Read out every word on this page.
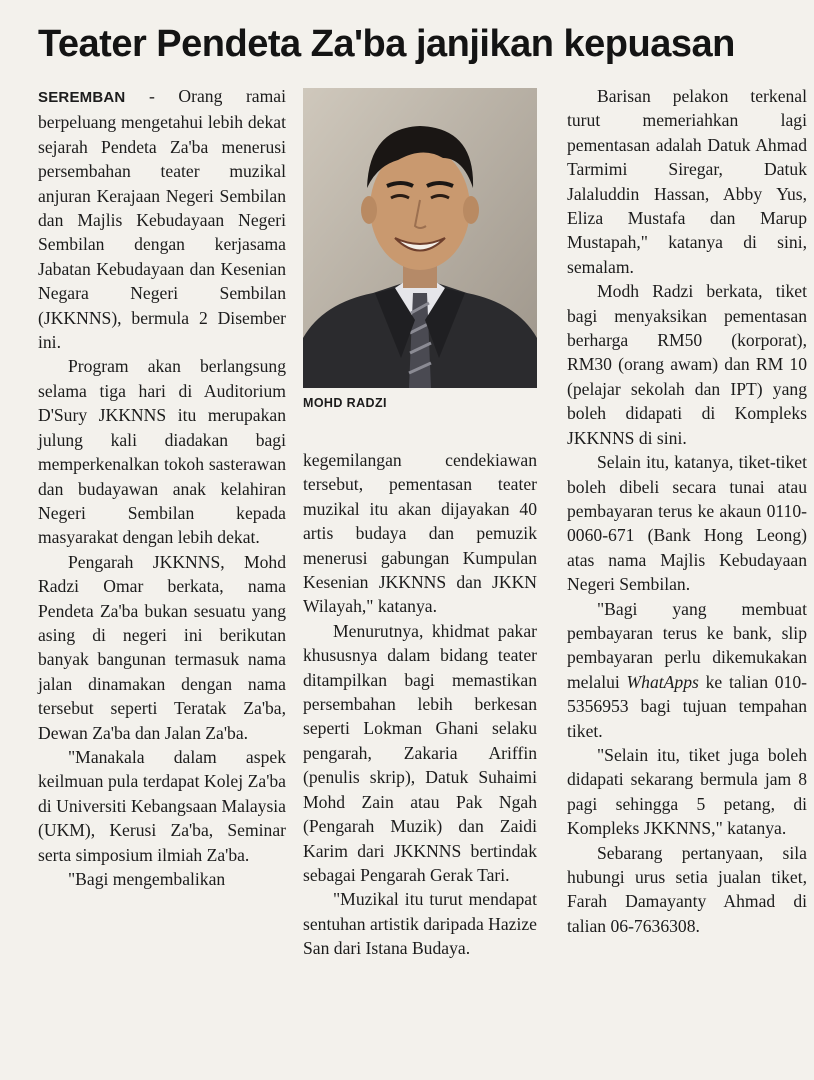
Teater Pendeta Za'ba janjikan kepuasan

SEREMBAN - Orang ramai berpeluang mengetahui lebih dekat sejarah Pendeta Za'ba menerusi persembahan teater muzikal anjuran Kerajaan Negeri Sembilan dan Majlis Kebudayaan Negeri Sembilan dengan kerjasama Jabatan Kebudayaan dan Kesenian Negara Negeri Sembilan (JKKNNS), bermula 2 Disember ini.

Program akan berlangsung selama tiga hari di Auditorium D'Sury JKKNNS itu merupakan julung kali diadakan bagi memperkenalkan tokoh sasterawan dan budayawan anak kelahiran Negeri Sembilan kepada masyarakat dengan lebih dekat.

Pengarah JKKNNS, Mohd Radzi Omar berkata, nama Pendeta Za'ba bukan sesuatu yang asing di negeri ini berikutan banyak bangunan termasuk nama jalan dinamakan dengan nama tersebut seperti Teratak Za'ba, Dewan Za'ba dan Jalan Za'ba.

"Manakala dalam aspek keilmuan pula terdapat Kolej Za'ba di Universiti Kebangsaan Malaysia (UKM), Kerusi Za'ba, Seminar serta simposium ilmiah Za'ba.

"Bagi mengembalikan

MOHD RADZI

kegemilangan cendekiawan tersebut, pementasan teater muzikal itu akan dijayakan 40 artis budaya dan pemuzik menerusi gabungan Kumpulan Kesenian JKKNNS dan JKKN Wilayah," katanya.

Menurutnya, khidmat pakar khususnya dalam bidang teater ditampilkan bagi memastikan persembahan lebih berkesan seperti Lokman Ghani selaku pengarah, Zakaria Ariffin (penulis skrip), Datuk Suhaimi Mohd Zain atau Pak Ngah (Pengarah Muzik) dan Zaidi Karim dari JKKNNS bertindak sebagai Pengarah Gerak Tari.

"Muzikal itu turut mendapat sentuhan artistik daripada Hazize San dari Istana Budaya.

Barisan pelakon terkenal turut memeriahkan lagi pementasan adalah Datuk Ahmad Tarmimi Siregar, Datuk Jalaluddin Hassan, Abby Yus, Eliza Mustafa dan Marup Mustapah," katanya di sini, semalam.

Modh Radzi berkata, tiket bagi menyaksikan pementasan berharga RM50 (korporat), RM30 (orang awam) dan RM 10 (pelajar sekolah dan IPT) yang boleh didapati di Kompleks JKKNNS di sini.

Selain itu, katanya, tiket-tiket boleh dibeli secara tunai atau pembayaran terus ke akaun 0110-0060-671 (Bank Hong Leong) atas nama Majlis Kebudayaan Negeri Sembilan.

"Bagi yang membuat pembayaran terus ke bank, slip pembayaran perlu dikemukakan melalui WhatApps ke talian 010-5356953 bagi tujuan tempahan tiket.

"Selain itu, tiket juga boleh didapati sekarang bermula jam 8 pagi sehingga 5 petang, di Kompleks JKKNNS," katanya.

Sebarang pertanyaan, sila hubungi urus setia jualan tiket, Farah Damayanty Ahmad di talian 06-7636308.
